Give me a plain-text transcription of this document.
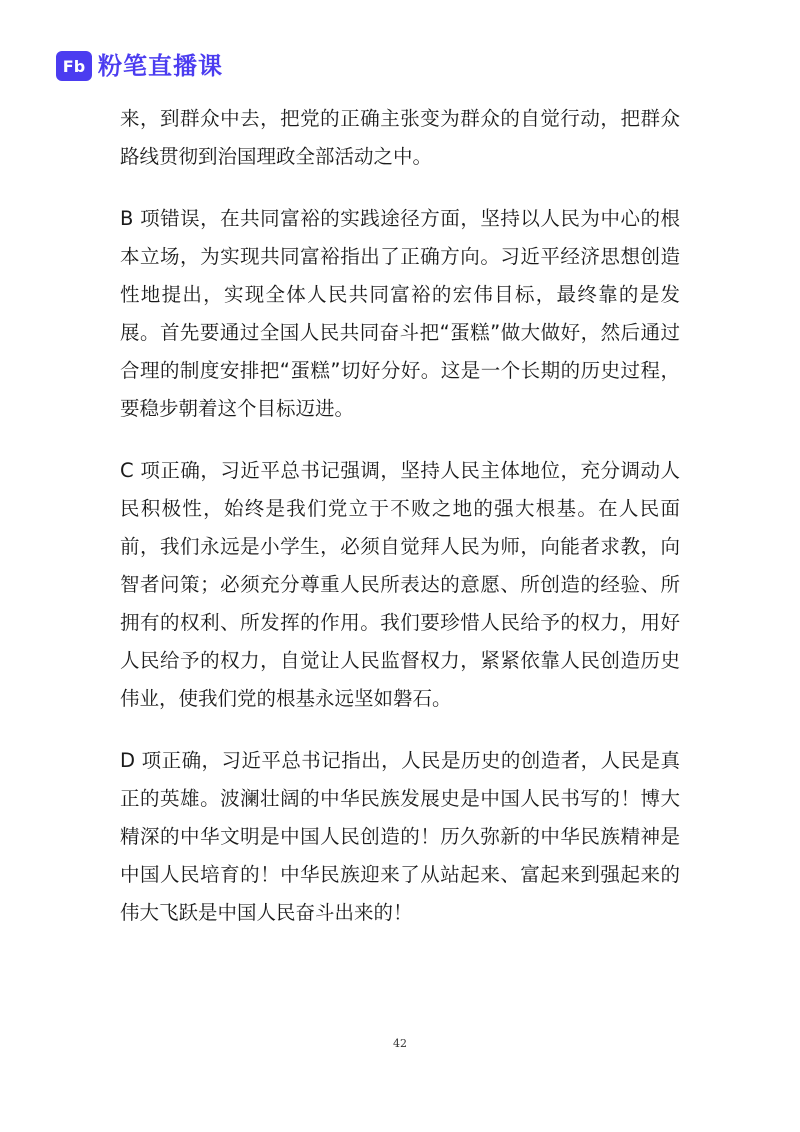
Fb 粉笔直播课

来，到群众中去，把党的正确主张变为群众的自觉行动，把群众路线贯彻到治国理政全部活动之中。

B 项错误，在共同富裕的实践途径方面，坚持以人民为中心的根本立场，为实现共同富裕指出了正确方向。习近平经济思想创造性地提出，实现全体人民共同富裕的宏伟目标，最终靠的是发展。首先要通过全国人民共同奋斗把“蛋糕”做大做好，然后通过合理的制度安排把“蛋糕”切好分好。这是一个长期的历史过程，要稳步朝着这个目标迈进。

C 项正确，习近平总书记强调，坚持人民主体地位，充分调动人民积极性，始终是我们党立于不败之地的强大根基。在人民面前，我们永远是小学生，必须自觉拜人民为师，向能者求教，向智者问策；必须充分尊重人民所表达的意愿、所创造的经验、所拥有的权利、所发挥的作用。我们要珍惜人民给予的权力，用好人民给予的权力，自觉让人民监督权力，紧紧依靠人民创造历史伟业，使我们党的根基永远坚如磐石。

D 项正确，习近平总书记指出，人民是历史的创造者，人民是真正的英雄。波澜壮阔的中华民族发展史是中国人民书写的！博大精深的中华文明是中国人民创造的！历久弥新的中华民族精神是中国人民培育的！中华民族迎来了从站起来、富起来到强起来的伟大飞跃是中国人民奋斗出来的！

42
